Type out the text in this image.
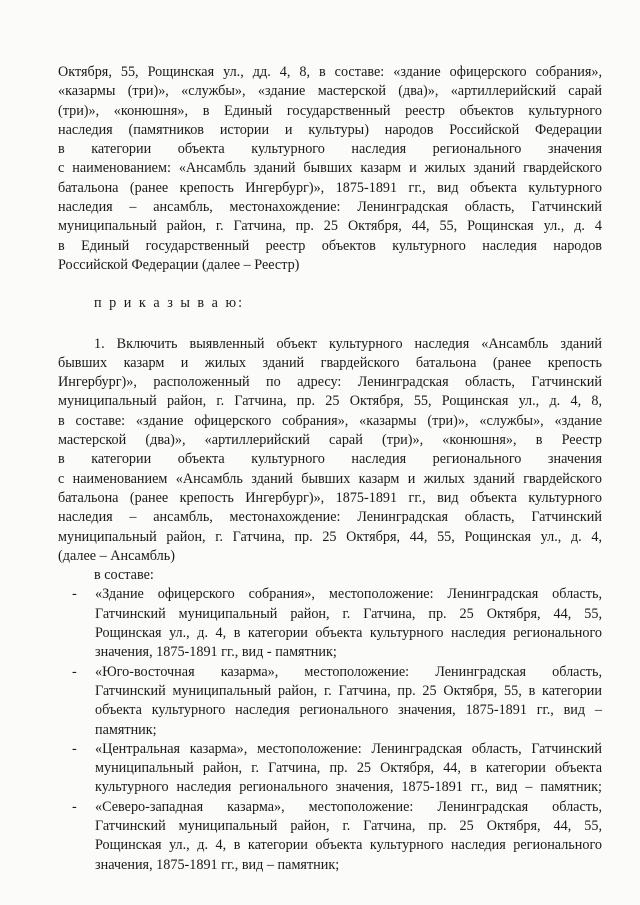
Октября, 55, Рощинская ул., дд. 4, 8, в составе: «здание офицерского собрания»,
«казармы (три)», «службы», «здание мастерской (два)», «артиллерийский сарай
(три)», «конюшня», в Единый государственный реестр объектов культурного
наследия (памятников истории и культуры) народов Российской Федерации
в категории объекта культурного наследия регионального значения
с наименованием: «Ансамбль зданий бывших казарм и жилых зданий гвардейского
батальона (ранее крепость Ингербург)», 1875-1891 гг., вид объекта культурного
наследия – ансамбль, местонахождение: Ленинградская область, Гатчинский
муниципальный район, г. Гатчина, пр. 25 Октября, 44, 55, Рощинская ул., д. 4
в Единый государственный реестр объектов культурного наследия народов
Российской Федерации (далее – Реестр)
п р и к а з ы в а ю:
1. Включить выявленный объект культурного наследия «Ансамбль зданий
бывших казарм и жилых зданий гвардейского батальона (ранее крепость
Ингербург)», расположенный по адресу: Ленинградская область, Гатчинский
муниципальный район, г. Гатчина, пр. 25 Октября, 55, Рощинская ул., д. 4, 8,
в составе: «здание офицерского собрания», «казармы (три)», «службы», «здание
мастерской (два)», «артиллерийский сарай (три)», «конюшня», в Реестр
в категории объекта культурного наследия регионального значения
с наименованием «Ансамбль зданий бывших казарм и жилых зданий гвардейского
батальона (ранее крепость Ингербург)», 1875-1891 гг., вид объекта культурного
наследия – ансамбль, местонахождение: Ленинградская область, Гатчинский
муниципальный район, г. Гатчина, пр. 25 Октября, 44, 55, Рощинская ул., д. 4,
(далее – Ансамбль)
в составе:
- «Здание офицерского собрания», местоположение: Ленинградская область,
Гатчинский муниципальный район, г. Гатчина, пр. 25 Октября, 44, 55,
Рощинская ул., д. 4, в категории объекта культурного наследия регионального
значения, 1875-1891 гг., вид - памятник;
- «Юго-восточная казарма», местоположение: Ленинградская область,
Гатчинский муниципальный район, г. Гатчина, пр. 25 Октября, 55, в категории
объекта культурного наследия регионального значения, 1875-1891 гг., вид –
памятник;
- «Центральная казарма», местоположение: Ленинградская область, Гатчинский
муниципальный район, г. Гатчина, пр. 25 Октября, 44, в категории объекта
культурного наследия регионального значения, 1875-1891 гг., вид – памятник;
- «Северо-западная казарма», местоположение: Ленинградская область,
Гатчинский муниципальный район, г. Гатчина, пр. 25 Октября, 44, 55,
Рощинская ул., д. 4, в категории объекта культурного наследия регионального
значения, 1875-1891 гг., вид – памятник;
